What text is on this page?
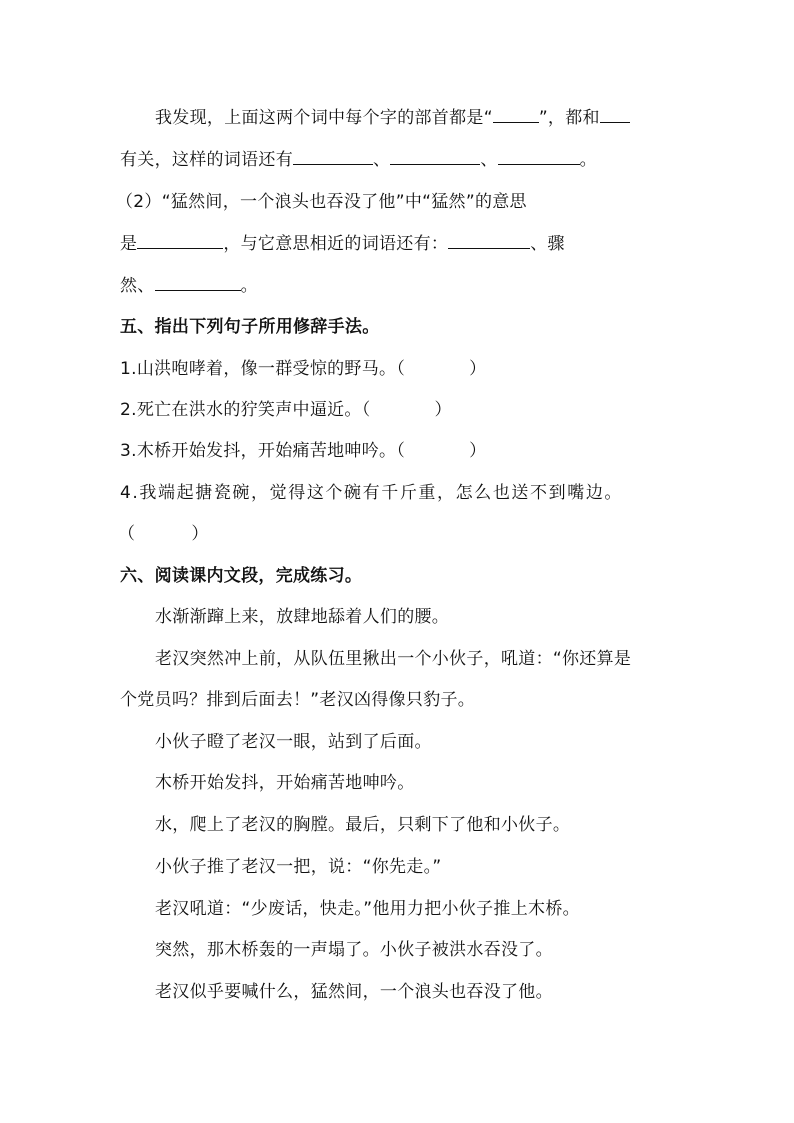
我发现，上面这两个词中每个字的部首都是“	”，都和
有关，这样的词语还有	、	、	。
（2）“猛然间，一个浪头也吞没了他”中“猛然”的意思
是	，与它意思相近的词语还有：	、骤
然、	。
五、指出下列句子所用修辞手法。
1.山洪咆哮着，像一群受惊的野马。（	）
2.死亡在洪水的狞笑声中逼近。（	）
3.木桥开始发抖，开始痛苦地呻吟。（	）
4.我端起搪瓷碗，觉得这个碗有千斤重，怎么也送不到嘴边。
（	）
六、阅读课内文段，完成练习。
水渐渐蹿上来，放肆地舔着人们的腰。
老汉突然冲上前，从队伍里揪出一个小伙子，吼道：“你还算是
个党员吗？排到后面去！”老汉凶得像只豹子。
小伙子瞪了老汉一眼，站到了后面。
木桥开始发抖，开始痛苦地呻吟。
水，爬上了老汉的胸膛。最后，只剩下了他和小伙子。
小伙子推了老汉一把，说：“你先走。”
老汉吼道：“少废话，快走。”他用力把小伙子推上木桥。
突然，那木桥轰的一声塌了。小伙子被洪水吞没了。
老汉似乎要喊什么，猛然间，一个浪头也吞没了他。
